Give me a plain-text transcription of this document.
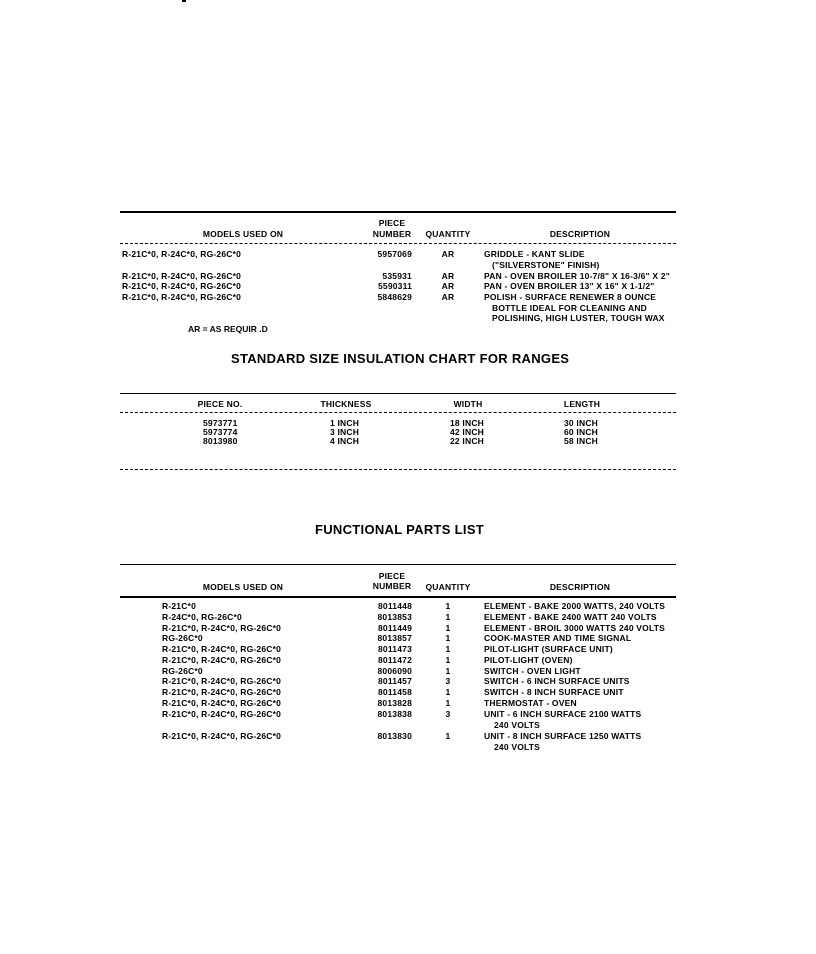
MODELS USED ON
PIECE
NUMBER	QUANTITY	DESCRIPTION
R-21C*0, R-24C*0, RG-26C*0	5957069	AR	GRIDDLE - KANT SLIDE
("SILVERSTONE" FINISH)
R-21C*0, R-24C*0, RG-26C*0	535931	AR	PAN - OVEN BROILER 10-7/8" X 16-3/6" X 2"
R-21C*0, R-24C*0, RG-26C*0	5590311	AR	PAN - OVEN BROILER 13" X 16" X 1-1/2"
R-21C*0, R-24C*0, RG-26C*0	5848629	AR	POLISH - SURFACE RENEWER 8 OUNCE
BOTTLE IDEAL FOR CLEANING AND
POLISHING, HIGH LUSTER, TOUGH WAX
AR = AS REQUIR .D
STANDARD SIZE INSULATION CHART FOR RANGES
PIECE NO.	THICKNESS	WIDTH	LENGTH
5973771	1 INCH	18 INCH	30 INCH
5973774	3 INCH	42 INCH	60 INCH
8013980	4 INCH	22 INCH	58 INCH
FUNCTIONAL PARTS LIST
PIECE
NUMBER
MODELS USED ON	QUANTITY	DESCRIPTION
R-21C*0	8011448	1	ELEMENT - BAKE 2000 WATTS, 240 VOLTS
R-24C*0, RG-26C*0	8013853	1	ELEMENT - BAKE 2400 WATT 240 VOLTS
R-21C*0, R-24C*0, RG-26C*0	8011449	1	ELEMENT - BROIL 3000 WATTS 240 VOLTS
RG-26C*0	8013857	1	COOK-MASTER AND TIME SIGNAL
R-21C*0, R-24C*0, RG-26C*0	8011473	1	PILOT-LIGHT (SURFACE UNIT)
R-21C*0, R-24C*0, RG-26C*0	8011472	1	PILOT-LIGHT (OVEN)
RG-26C*0	8006090	1	SWITCH - OVEN LIGHT
R-21C*0, R-24C*0, RG-26C*0	8011457	3	SWITCH - 6 INCH SURFACE UNITS
R-21C*0, R-24C*0, RG-26C*0	8011458	1	SWITCH - 8 INCH SURFACE UNIT
R-21C*0, R-24C*0, RG-26C*0	8013828	1	THERMOSTAT - OVEN
R-21C*0, R-24C*0, RG-26C*0	8013838	3	UNIT - 6 INCH SURFACE 2100 WATTS
240 VOLTS
R-21C*0, R-24C*0, RG-26C*0	8013830	1	UNIT - 8 INCH SURFACE 1250 WATTS
240 VOLTS
